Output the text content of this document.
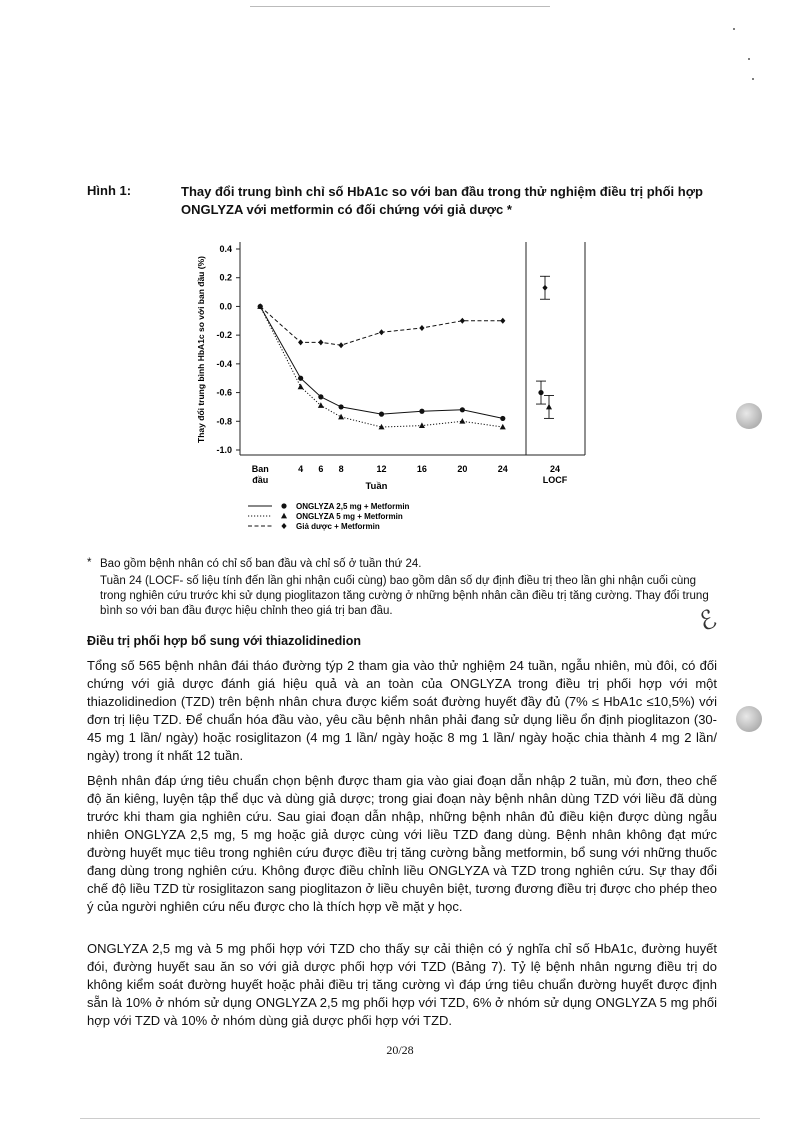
Hình 1:	Thay đổi trung bình chỉ số HbA1c so với ban đầu trong thử nghiệm điều trị phối hợp ONGLYZA với metformin có đối chứng với giả dược *
Thay đổi trung bình HbA1c so với ban đầu (%)
0.4
0.2
0.0
-0.2
-0.4
-0.6
-0.8
-1.0
Ban
đầu
4 6 8	12	16	20	24
Tuần
24
LOCF
ONGLYZA 2,5 mg + Metformin
ONGLYZA 5 mg + Metformin
Giả dược + Metformin
* Bao gồm bệnh nhân có chỉ số ban đầu và chỉ số ở tuần thứ 24.
Tuần 24 (LOCF- số liệu tính đến lần ghi nhận cuối cùng) bao gồm dân số dự định điều trị theo lần ghi nhận cuối cùng trong nghiên cứu trước khi sử dụng pioglitazon tăng cường ở những bệnh nhân cần điều trị tăng cường. Thay đổi trung bình so với ban đầu được hiệu chỉnh theo giá trị ban đầu.	ℰ
Điều trị phối hợp bổ sung với thiazolidinedion
Tổng số 565 bệnh nhân đái tháo đường týp 2 tham gia vào thử nghiệm 24 tuần, ngẫu nhiên, mù đôi, có đối chứng với giả dược đánh giá hiệu quả và an toàn của ONGLYZA trong điều trị phối hợp với một thiazolidinedion (TZD) trên bệnh nhân chưa được kiểm soát đường huyết đầy đủ (7% ≤ HbA1c ≤10,5%) với đơn trị liệu TZD. Để chuẩn hóa đầu vào, yêu cầu bệnh nhân phải đang sử dụng liều ổn định pioglitazon (30-45 mg 1 lần/ ngày) hoặc rosiglitazon (4 mg 1 lần/ ngày hoặc 8 mg 1 lần/ ngày hoặc chia thành 4 mg 2 lần/ ngày) trong ít nhất 12 tuần.
Bệnh nhân đáp ứng tiêu chuẩn chọn bệnh được tham gia vào giai đoạn dẫn nhập 2 tuần, mù đơn, theo chế độ ăn kiêng, luyện tập thể dục và dùng giả dược; trong giai đoạn này bệnh nhân dùng TZD với liều đã dùng trước khi tham gia nghiên cứu. Sau giai đoạn dẫn nhập, những bệnh nhân đủ điều kiện được dùng ngẫu nhiên ONGLYZA 2,5 mg, 5 mg hoặc giả dược cùng với liều TZD đang dùng. Bệnh nhân không đạt mức đường huyết mục tiêu trong nghiên cứu được điều trị tăng cường bằng metformin, bổ sung với những thuốc đang dùng trong nghiên cứu. Không được điều chỉnh liều ONGLYZA và TZD trong nghiên cứu. Sự thay đổi chế độ liều TZD từ rosiglitazon sang pioglitazon ở liều chuyên biệt, tương đương điều trị được cho phép theo ý của người nghiên cứu nếu được cho là thích hợp về mặt y học.
ONGLYZA 2,5 mg và 5 mg phối hợp với TZD cho thấy sự cải thiện có ý nghĩa chỉ số HbA1c, đường huyết đói, đường huyết sau ăn so với giả dược phối hợp với TZD (Bảng 7). Tỷ lệ bệnh nhân ngưng điều trị do không kiểm soát đường huyết hoặc phải điều trị tăng cường vì đáp ứng tiêu chuẩn đường huyết được định sẵn là 10% ở nhóm sử dụng ONGLYZA 2,5 mg phối hợp với TZD, 6% ở nhóm sử dụng ONGLYZA 5 mg phối hợp với TZD và 10% ở nhóm dùng giả dược phối hợp với TZD.
20/28
